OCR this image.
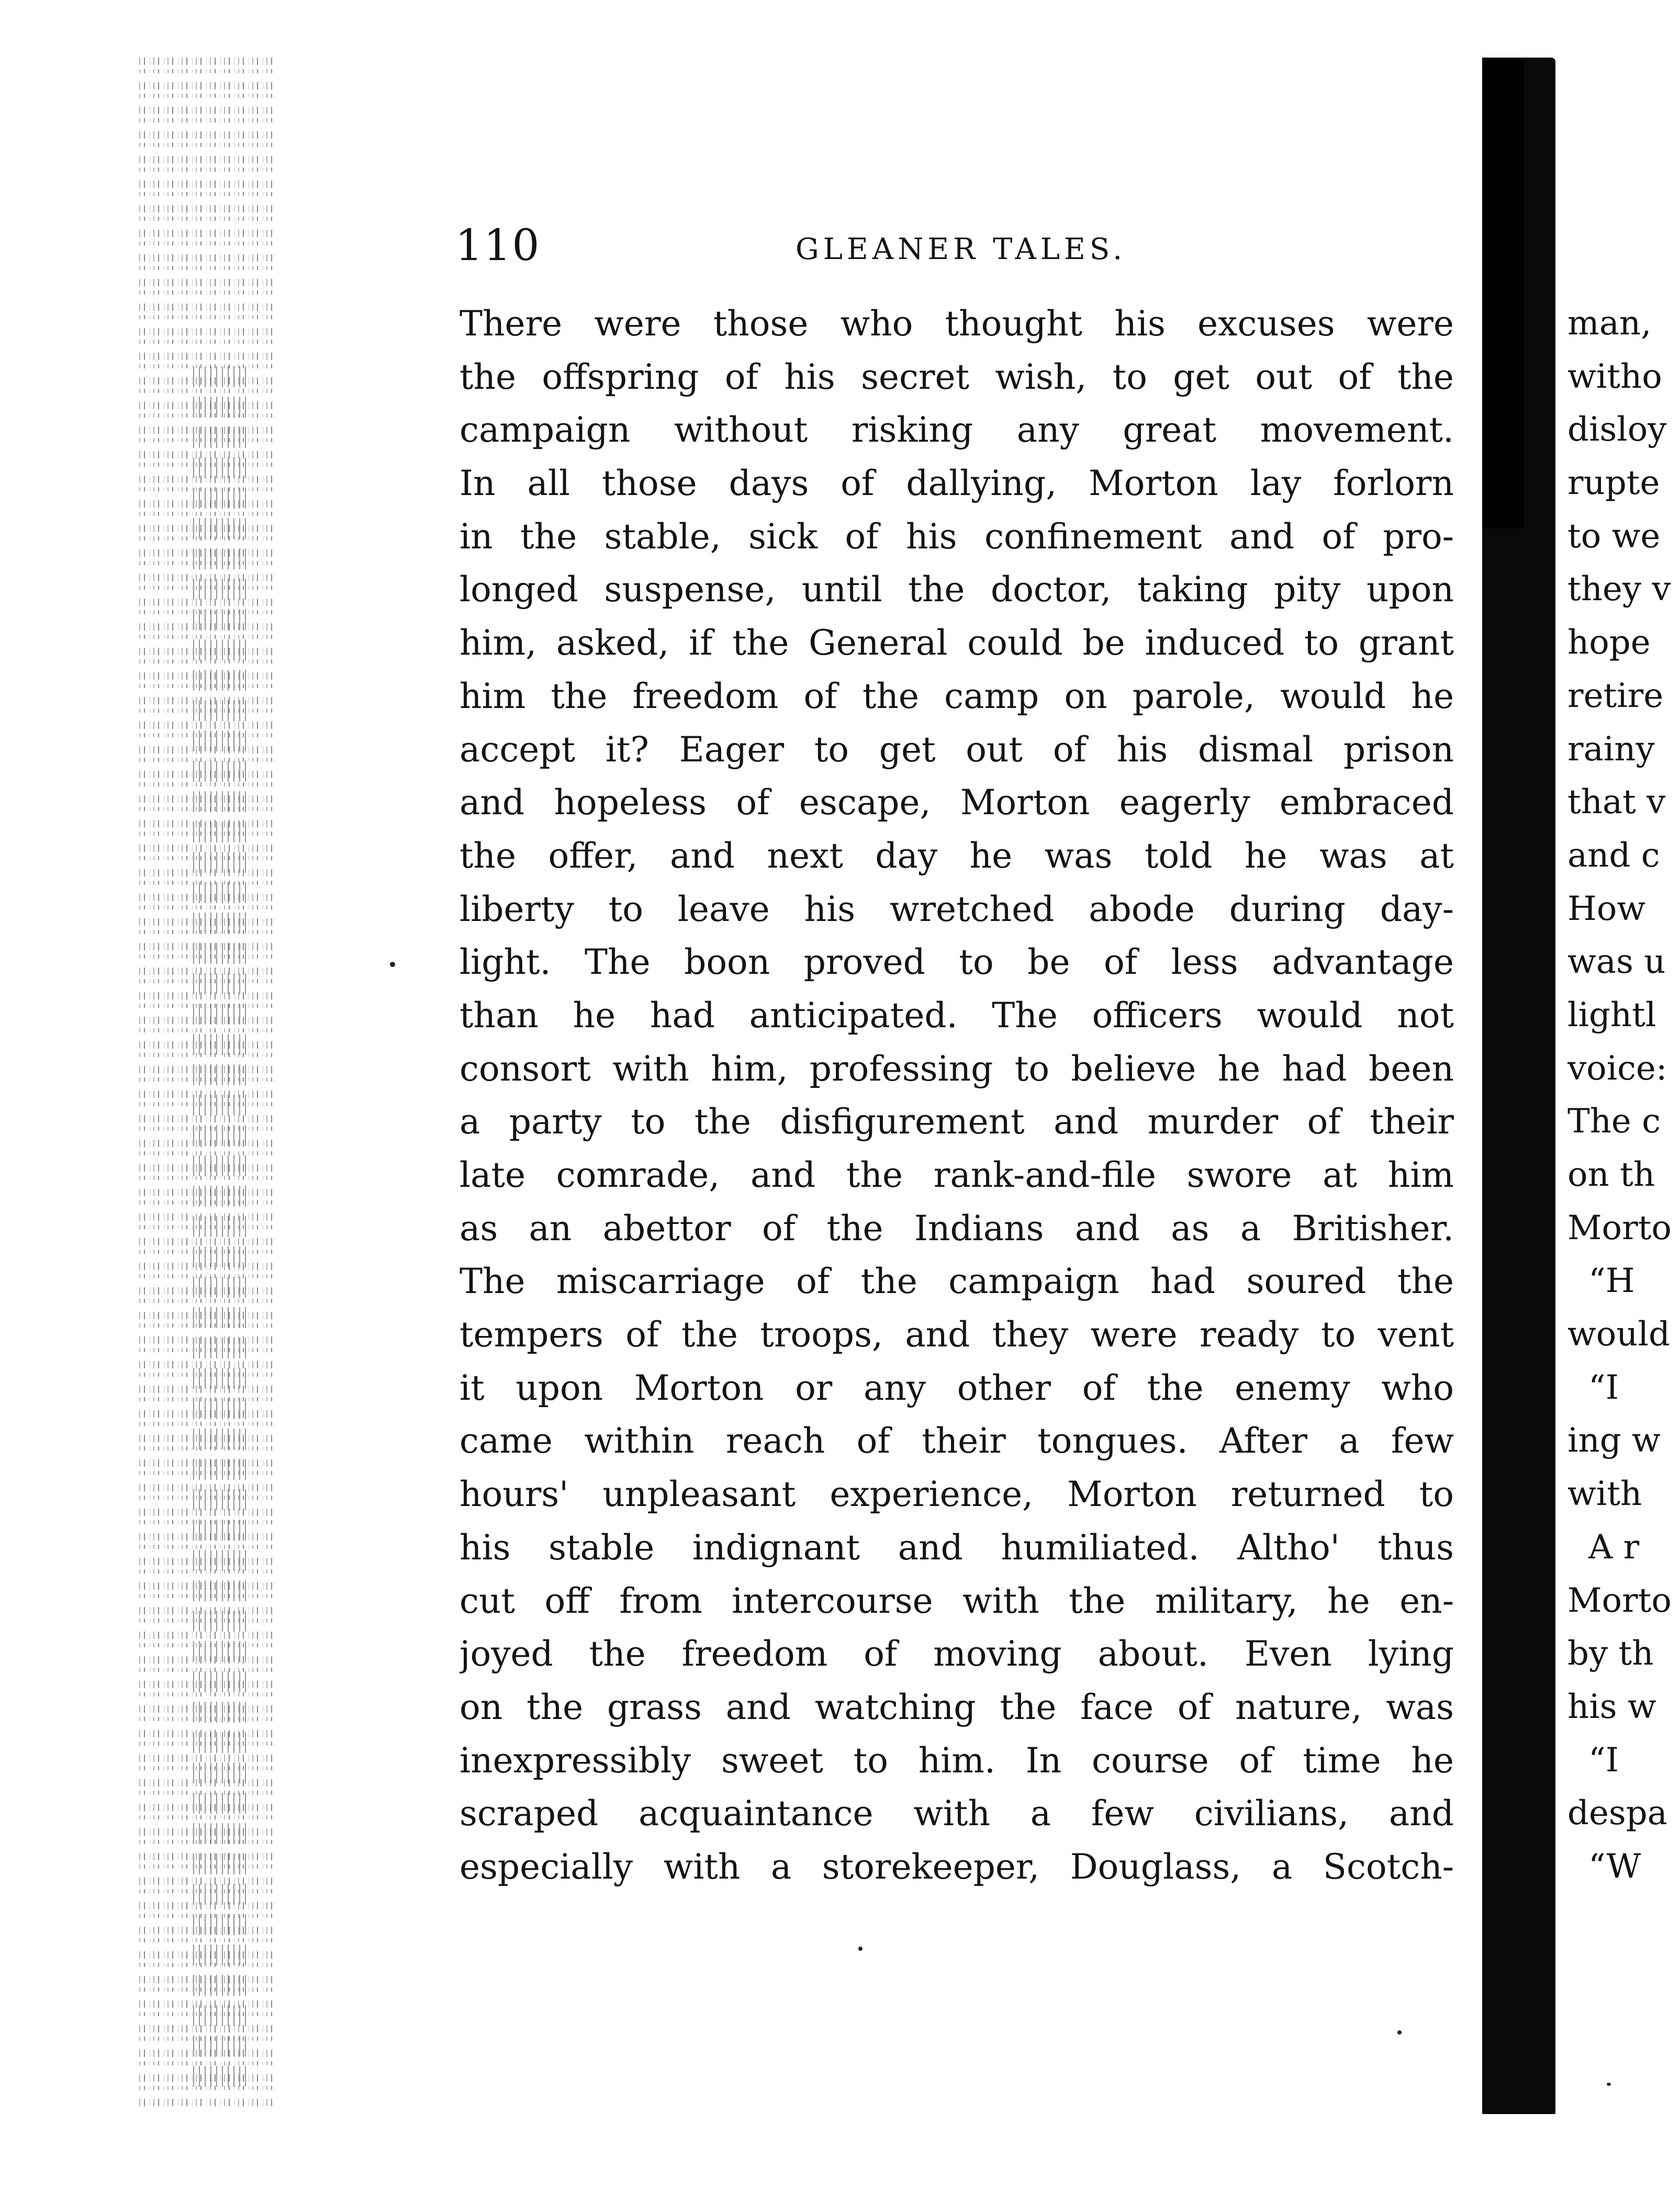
110	GLEANER TALES.
There were those who thought his excuses were
the offspring of his secret wish, to get out of the
campaign without risking any great movement.
In all those days of dallying, Morton lay forlorn
in the stable, sick of his confinement and of pro-
longed suspense, until the doctor, taking pity upon
him, asked, if the General could be induced to grant
him the freedom of the camp on parole, would he
accept it? Eager to get out of his dismal prison
and hopeless of escape, Morton eagerly embraced
the offer, and next day he was told he was at
liberty to leave his wretched abode during day-
light. The boon proved to be of less advantage
than he had anticipated. The officers would not
consort with him, professing to believe he had been
a party to the disfigurement and murder of their
late comrade, and the rank-and-file swore at him
as an abettor of the Indians and as a Britisher.
The miscarriage of the campaign had soured the
tempers of the troops, and they were ready to vent
it upon Morton or any other of the enemy who
came within reach of their tongues. After a few
hours' unpleasant experience, Morton returned to
his stable indignant and humiliated. Altho' thus
cut off from intercourse with the military, he en-
joyed the freedom of moving about. Even lying
on the grass and watching the face of nature, was
inexpressibly sweet to him. In course of time he
scraped acquaintance with a few civilians, and
especially with a storekeeper, Douglass, a Scotch-
man,
witho
disloy
rupte
to we
they v
hope
retire
rainy
that v
and c
How
was u
lightl
voice:
The c
on th
Morto
“H
would
“I
ing w
with
A r
Morto
by th
his w
“I
despa
“W
